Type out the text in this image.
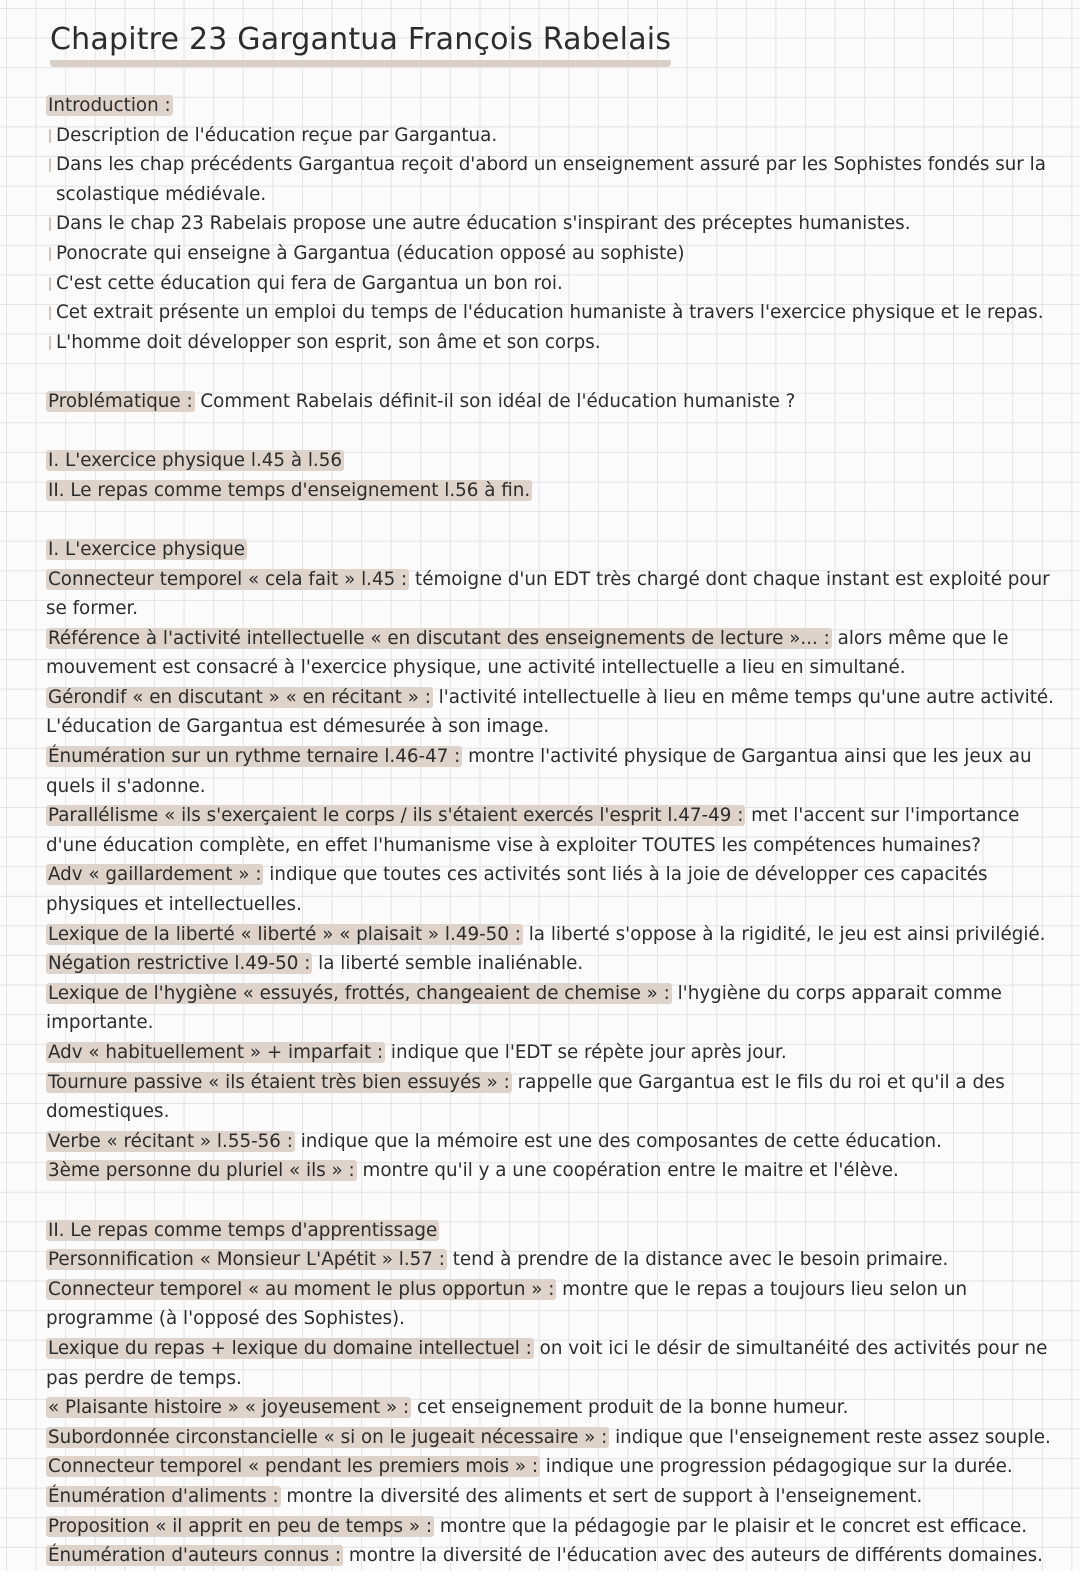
Chapitre 23 Gargantua François Rabelais
Introduction :
Description de l'éducation reçue par Gargantua.
Dans les chap précédents Gargantua reçoit d'abord un enseignement assuré par les Sophistes fondés sur la scolastique médiévale.
Dans le chap 23 Rabelais propose une autre éducation s'inspirant des préceptes humanistes.
Ponocrate qui enseigne à Gargantua (éducation opposé au sophiste)
C'est cette éducation qui fera de Gargantua un bon roi.
Cet extrait présente un emploi du temps de l'éducation humaniste à travers l'exercice physique et le repas.
L'homme doit développer son esprit, son âme et son corps.
Problématique : Comment Rabelais définit-il son idéal de l'éducation humaniste ?
I. L'exercice physique l.45 à l.56
II. Le repas comme temps d'enseignement l.56 à fin.
I. L'exercice physique
Connecteur temporel « cela fait » l.45 : témoigne d'un EDT très chargé dont chaque instant est exploité pour se former.
Référence à l'activité intellectuelle « en discutant des enseignements de lecture »... : alors même que le mouvement est consacré à l'exercice physique, une activité intellectuelle a lieu en simultané.
Gérondif « en discutant » « en récitant » : l'activité intellectuelle à lieu en même temps qu'une autre activité. L'éducation de Gargantua est démesurée à son image.
Énumération sur un rythme ternaire l.46-47 : montre l'activité physique de Gargantua ainsi que les jeux au quels il s'adonne.
Parallélisme « ils s'exerçaient le corps / ils s'étaient exercés l'esprit l.47-49 : met l'accent sur l'importance d'une éducation complète, en effet l'humanisme vise à exploiter TOUTES les compétences humaines?
Adv « gaillardement » : indique que toutes ces activités sont liés à la joie de développer ces capacités physiques et intellectuelles.
Lexique de la liberté « liberté » « plaisait » l.49-50 : la liberté s'oppose à la rigidité, le jeu est ainsi privilégié.
Négation restrictive l.49-50 : la liberté semble inaliénable.
Lexique de l'hygiène « essuyés, frottés, changeaient de chemise » : l'hygiène du corps apparait comme importante.
Adv « habituellement » + imparfait : indique que l'EDT se répète jour après jour.
Tournure passive « ils étaient très bien essuyés » : rappelle que Gargantua est le fils du roi et qu'il a des domestiques.
Verbe « récitant » l.55-56 : indique que la mémoire est une des composantes de cette éducation.
3ème personne du pluriel « ils » : montre qu'il y a une coopération entre le maitre et l'élève.
II. Le repas comme temps d'apprentissage
Personnification « Monsieur L'Apétit » l.57 : tend à prendre de la distance avec le besoin primaire.
Connecteur temporel « au moment le plus opportun » : montre que le repas a toujours lieu selon un programme (à l'opposé des Sophistes).
Lexique du repas + lexique du domaine intellectuel : on voit ici le désir de simultanéité des activités pour ne pas perdre de temps.
« Plaisante histoire » « joyeusement » : cet enseignement produit de la bonne humeur.
Subordonnée circonstancielle « si on le jugeait nécessaire » : indique que l'enseignement reste assez souple.
Connecteur temporel « pendant les premiers mois » : indique une progression pédagogique sur la durée.
Énumération d'aliments : montre la diversité des aliments et sert de support à l'enseignement.
Proposition « il apprit en peu de temps » : montre que la pédagogie par le plaisir et le concret est efficace.
Énumération d'auteurs connus : montre la diversité de l'éducation avec des auteurs de différents domaines.
